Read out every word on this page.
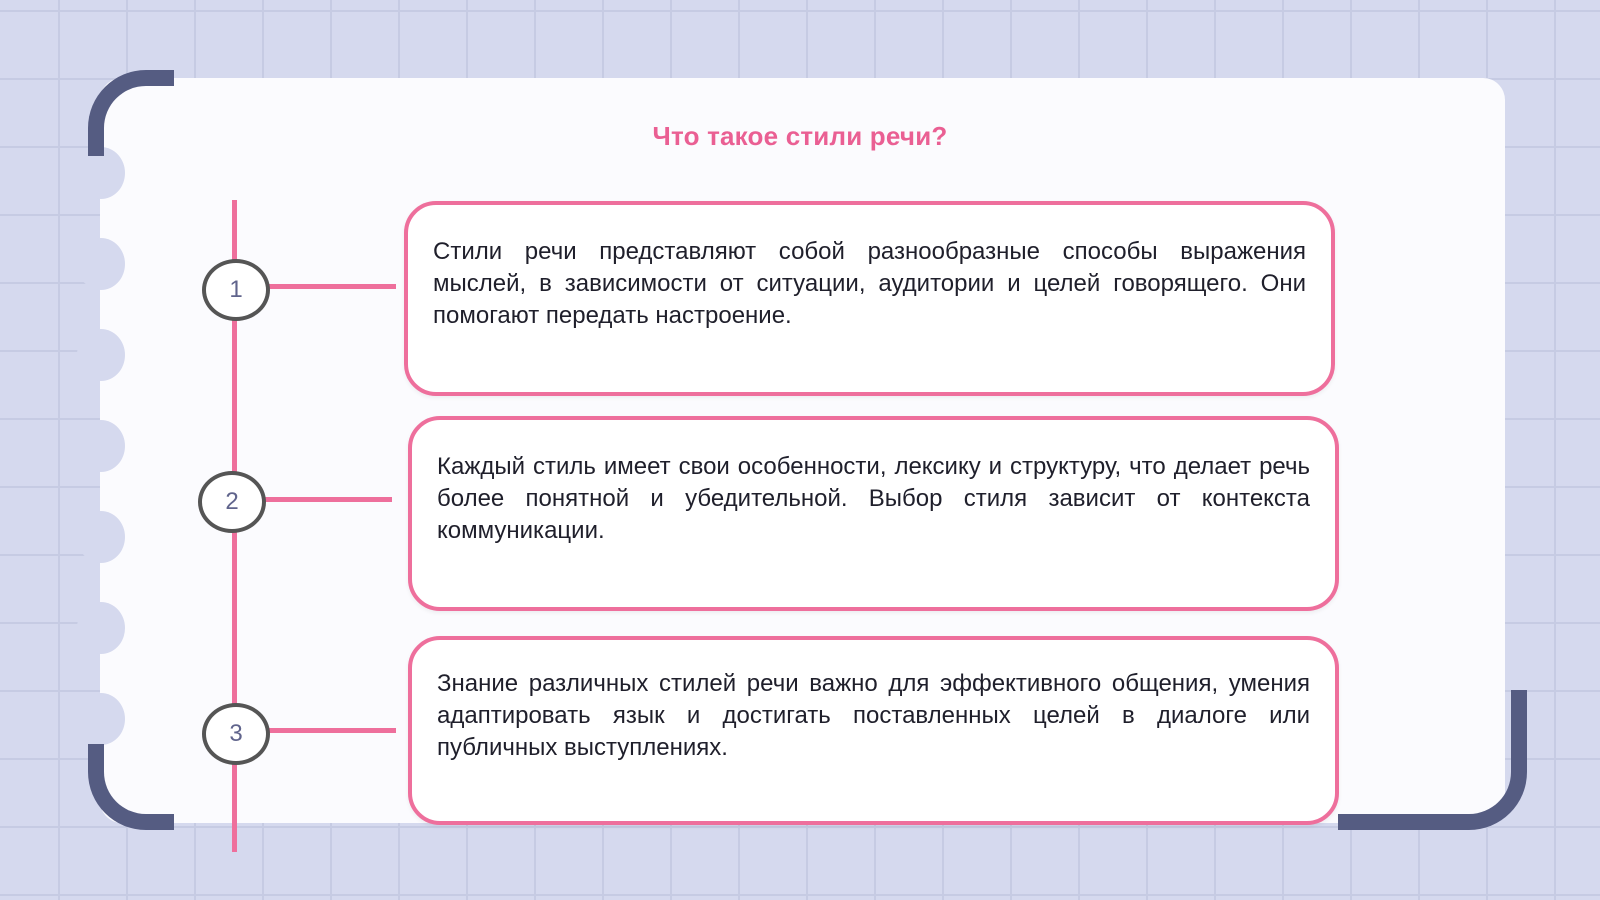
Что такое стили речи?
1
2
3
Стили речи представляют собой разнообразные способы выражения мыслей, в зависимости от ситуации, аудитории и целей говорящего. Они помогают передать настроение.
Каждый стиль имеет свои особенности, лексику и структуру, что делает речь более понятной и убедительной. Выбор стиля зависит от контекста коммуникации.
Знание различных стилей речи важно для эффективного общения, умения адаптировать язык и достигать поставленных целей в диалоге или публичных выступлениях.
